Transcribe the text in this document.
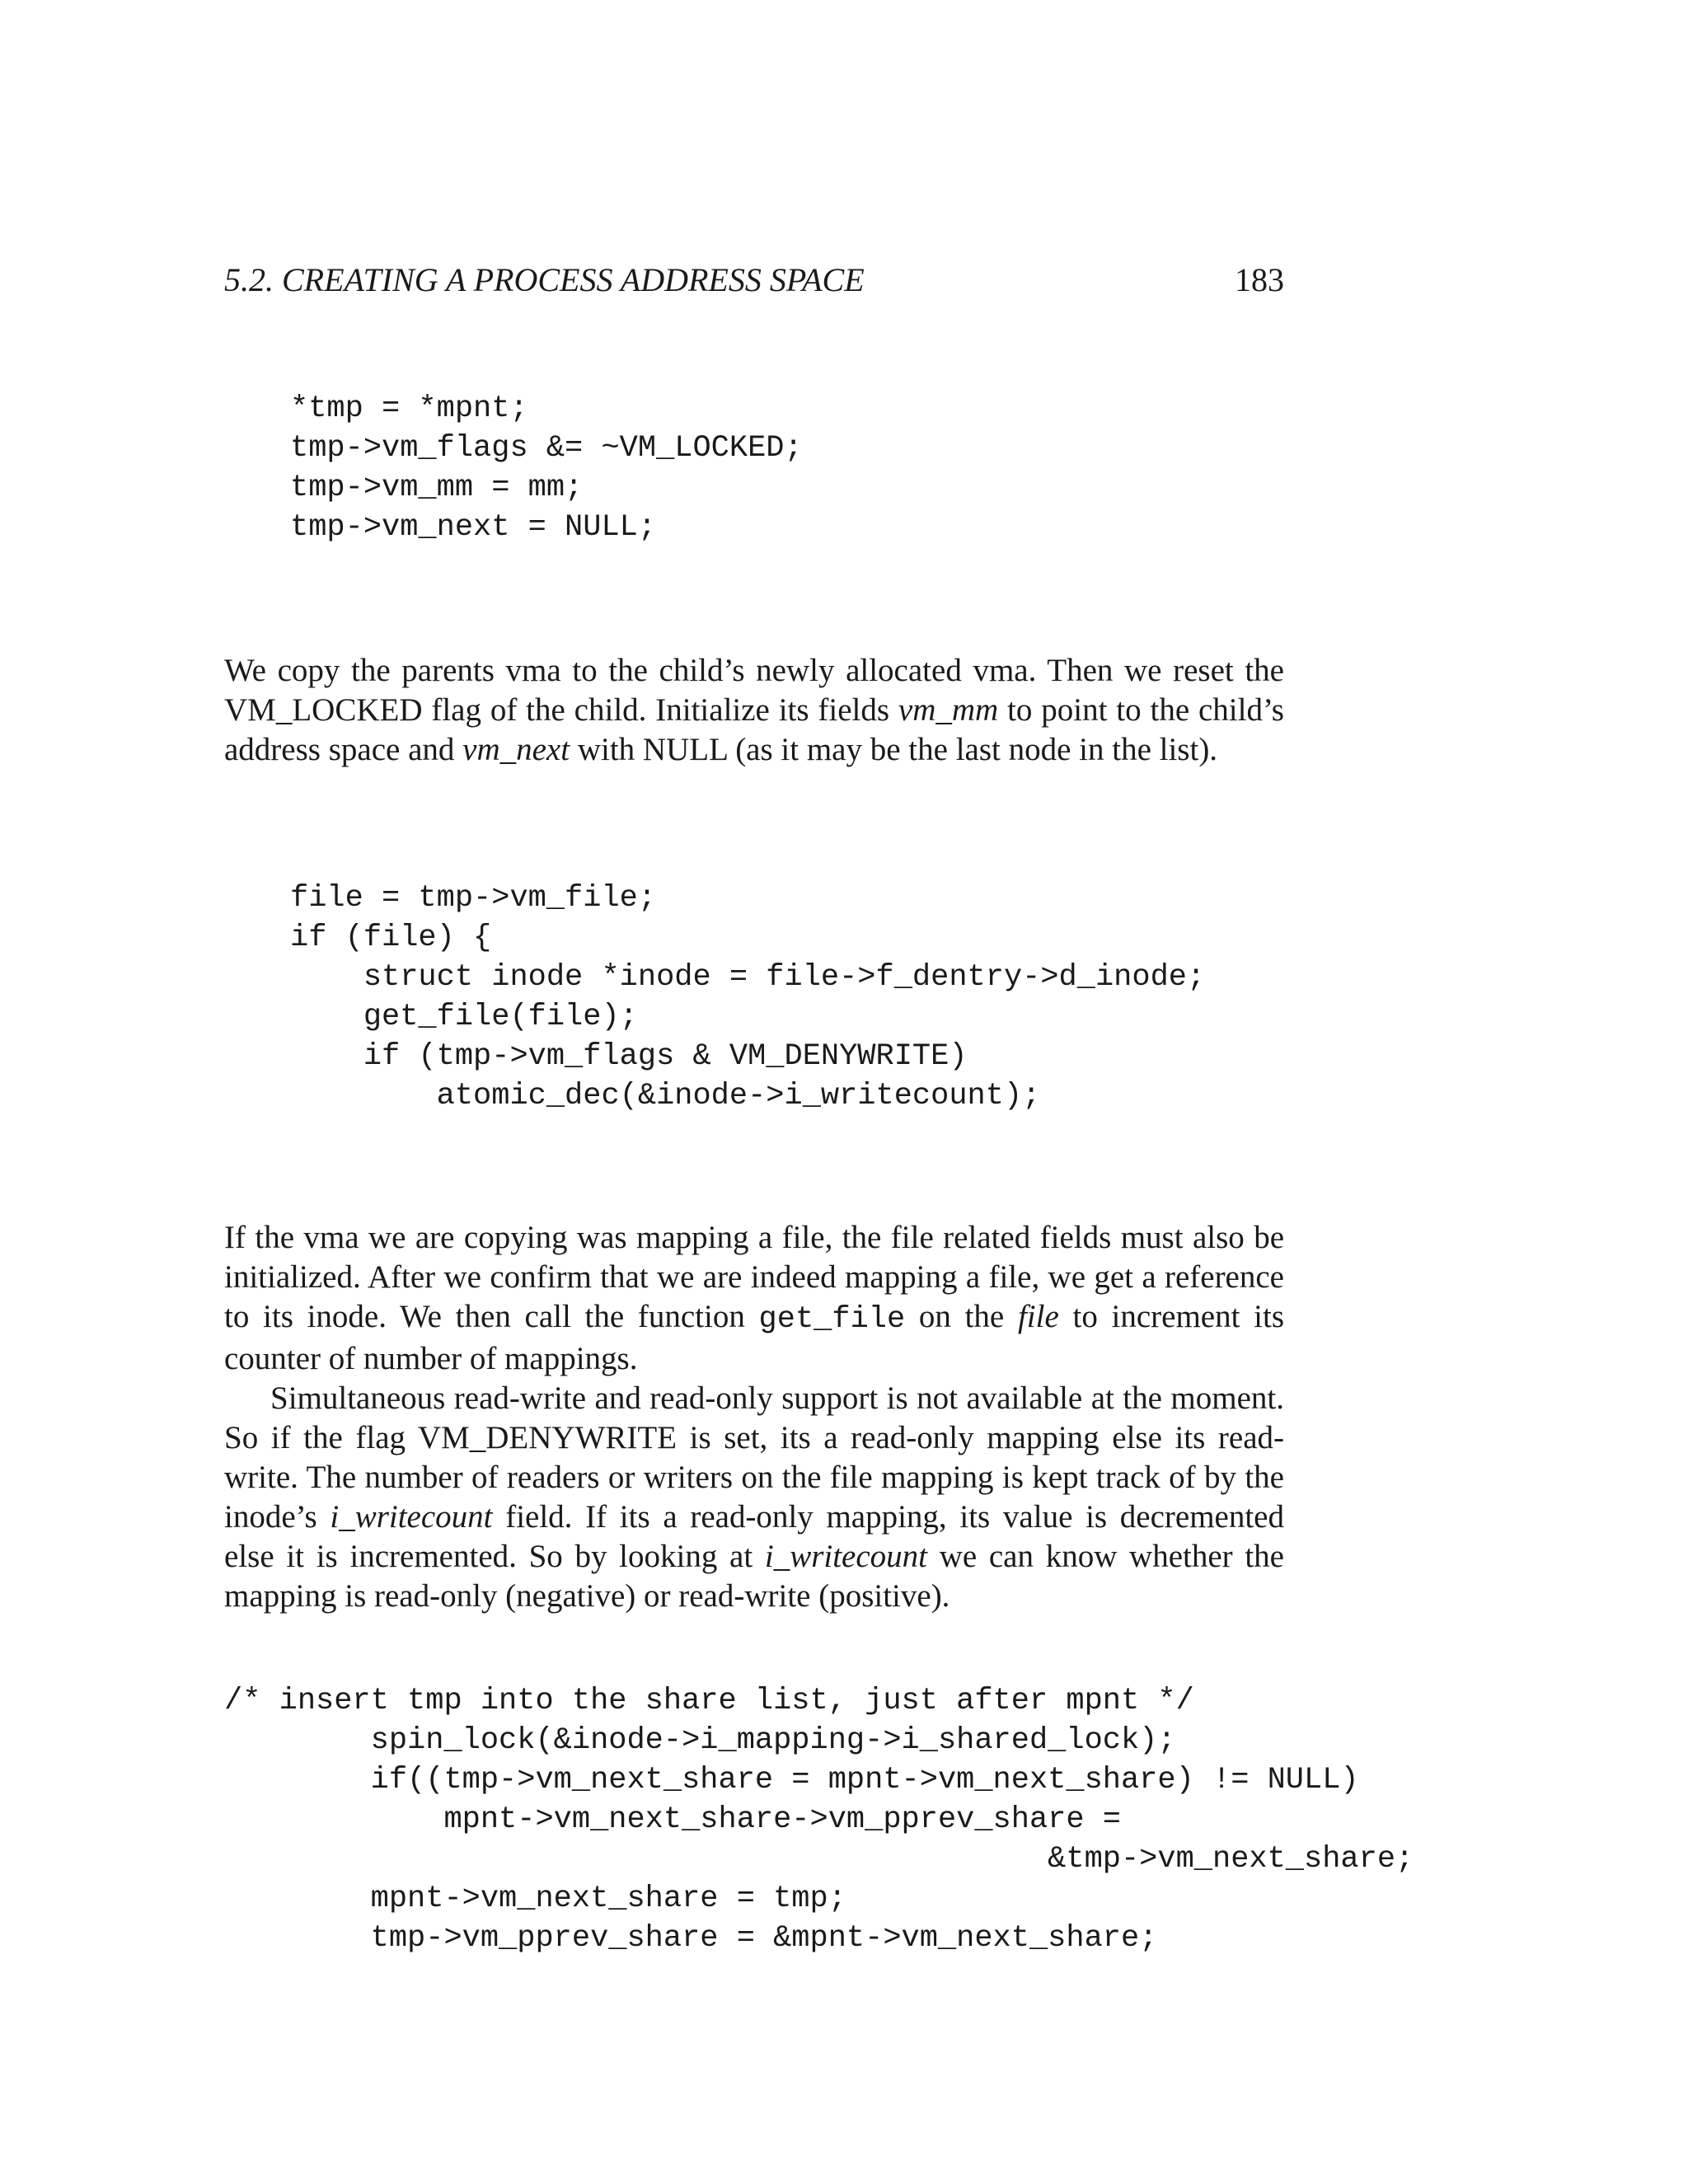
5.2. CREATING A PROCESS ADDRESS SPACE	183
*tmp = *mpnt;
tmp->vm_flags &= ~VM_LOCKED;
tmp->vm_mm = mm;
tmp->vm_next = NULL;

We copy the parents vma to the child’s newly allocated vma. Then we reset the VM_LOCKED flag of the child. Initialize its fields vm_mm to point to the child’s address space and vm_next with NULL (as it may be the last node in the list).

file = tmp->vm_file;
if (file) {
struct inode *inode = file->f_dentry->d_inode;
get_file(file);
if (tmp->vm_flags & VM_DENYWRITE)
atomic_dec(&inode->i_writecount);

If the vma we are copying was mapping a file, the file related fields must also be initialized. After we confirm that we are indeed mapping a file, we get a reference to its inode. We then call the function get_file on the file to increment its counter of number of mappings.

Simultaneous read-write and read-only support is not available at the moment. So if the flag VM_DENYWRITE is set, its a read-only mapping else its read-write. The number of readers or writers on the file mapping is kept track of by the inode’s i_writecount field. If its a read-only mapping, its value is decremented else it is incremented. So by looking at i_writecount we can know whether the mapping is read-only (negative) or read-write (positive).

/* insert tmp into the share list, just after mpnt */
spin_lock(&inode->i_mapping->i_shared_lock);
if((tmp->vm_next_share = mpnt->vm_next_share) != NULL)
mpnt->vm_next_share->vm_pprev_share =
&tmp->vm_next_share;
mpnt->vm_next_share = tmp;
tmp->vm_pprev_share = &mpnt->vm_next_share;
